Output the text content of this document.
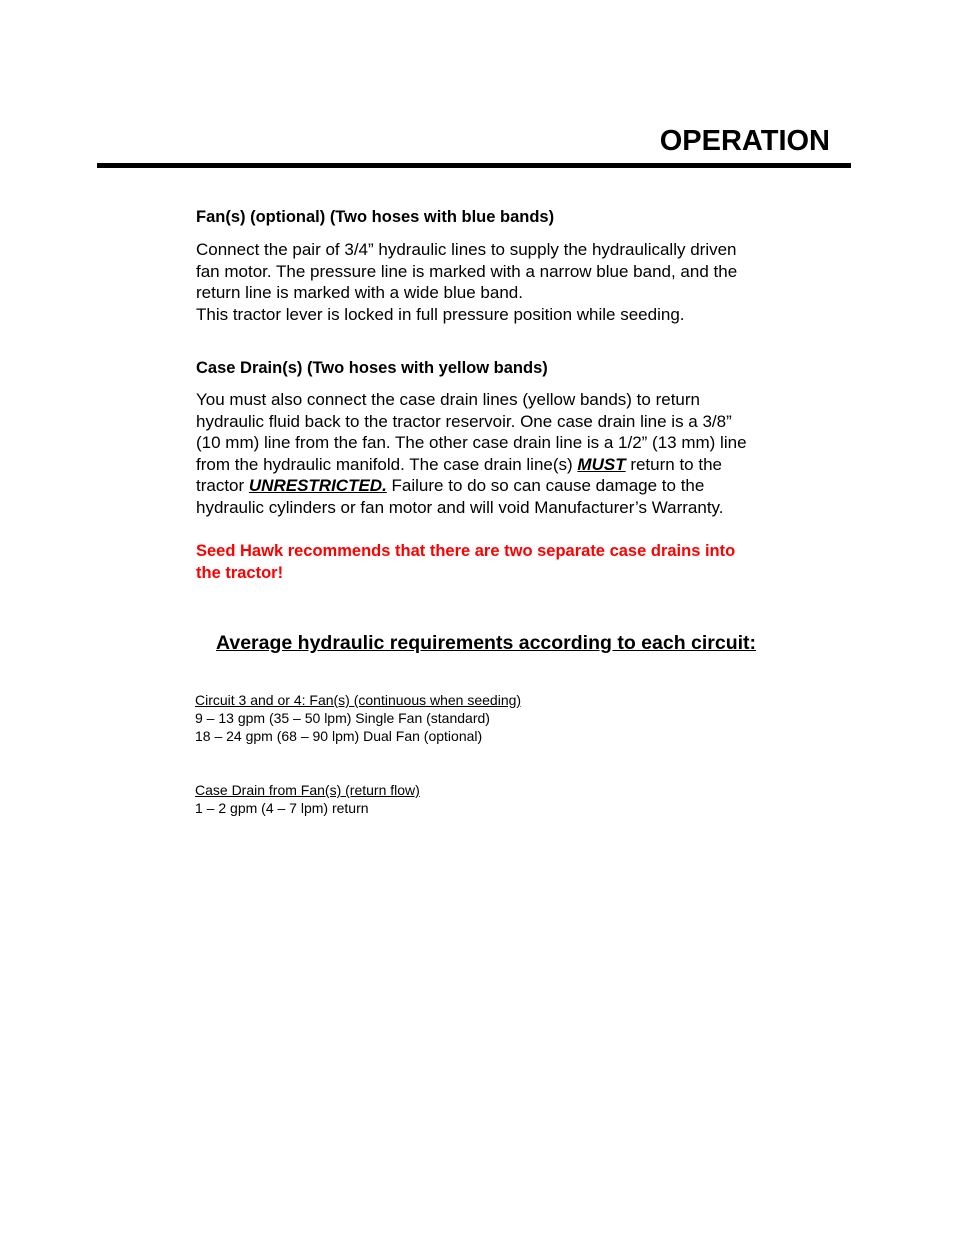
OPERATION
Fan(s) (optional) (Two hoses with blue bands)

Connect the pair of 3/4” hydraulic lines to supply the hydraulically driven
fan motor. The pressure line is marked with a narrow blue band, and the
return line is marked with a wide blue band.
This tractor lever is locked in full pressure position while seeding.

Case Drain(s) (Two hoses with yellow bands)

You must also connect the case drain lines (yellow bands) to return
hydraulic fluid back to the tractor reservoir. One case drain line is a 3/8”
(10 mm) line from the fan. The other case drain line is a 1/2” (13 mm) line
from the hydraulic manifold. The case drain line(s) MUST return to the
tractor UNRESTRICTED. Failure to do so can cause damage to the
hydraulic cylinders or fan motor and will void Manufacturer’s Warranty.

Seed Hawk recommends that there are two separate case drains into
the tractor!

Average hydraulic requirements according to each circuit:
Circuit 3 and or 4: Fan(s) (continuous when seeding)
9 – 13 gpm (35 – 50 lpm) Single Fan (standard)
18 – 24 gpm (68 – 90 lpm) Dual Fan (optional)
Case Drain from Fan(s) (return flow)
1 – 2 gpm (4 – 7 lpm) return
